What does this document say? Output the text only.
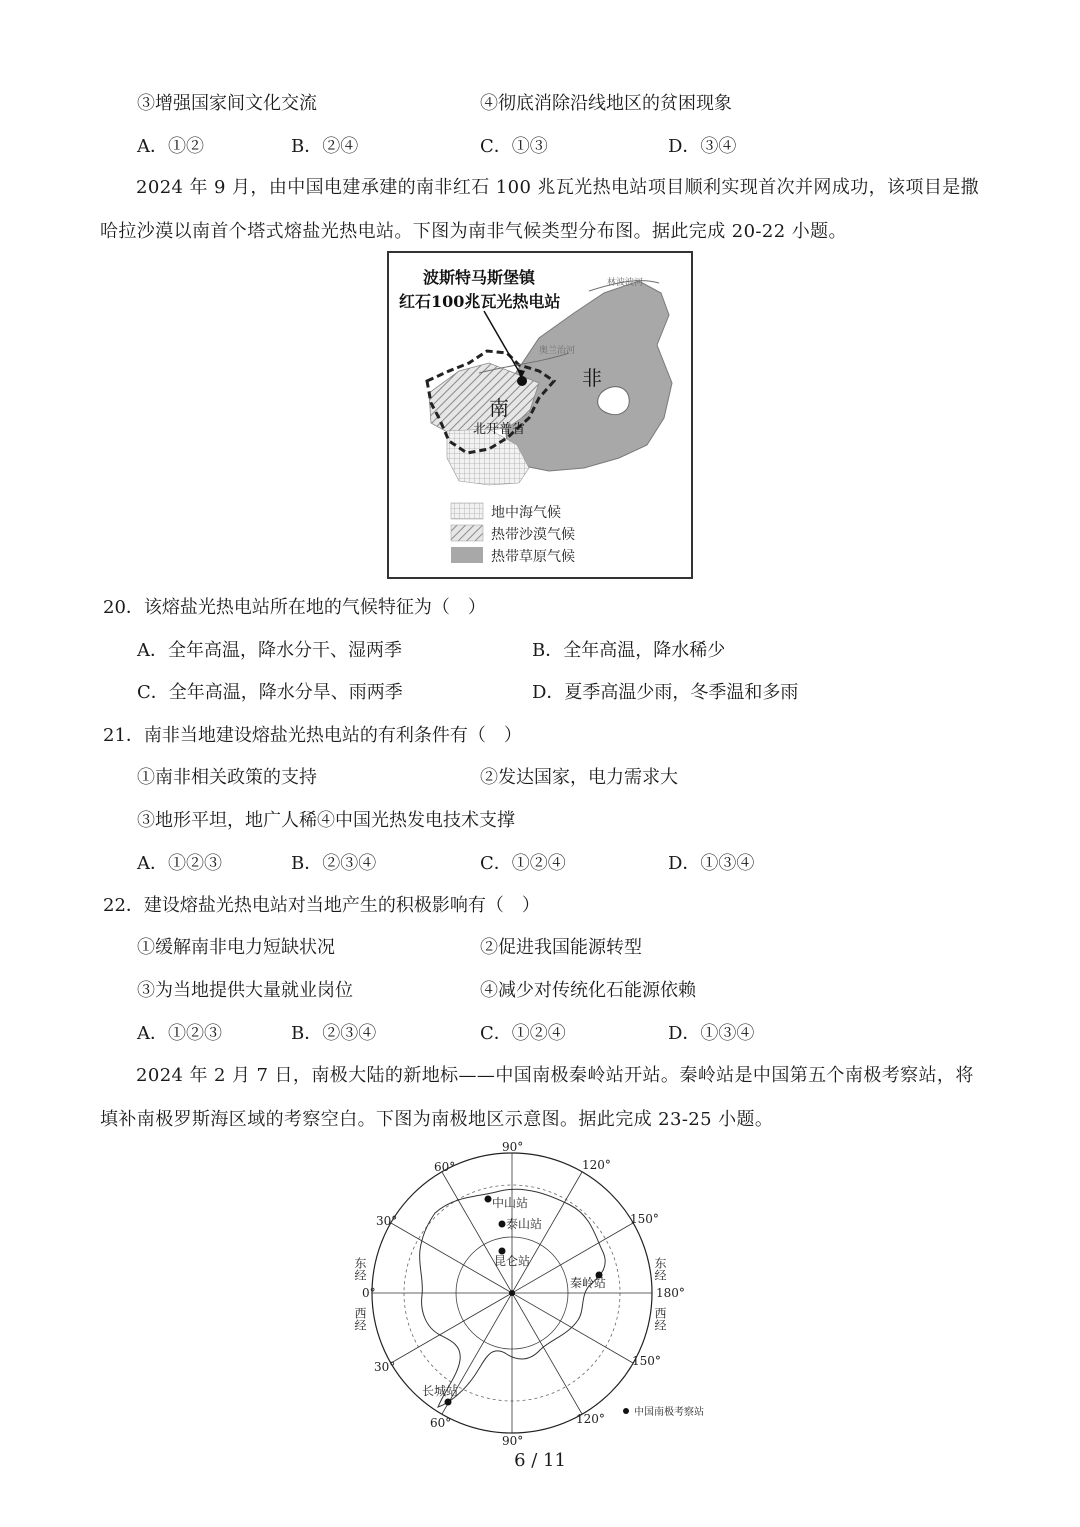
③增强国家间文化交流	④彻底消除沿线地区的贫困现象
A．①②	B．②④	C．①③	D．③④
2024 年 9 月，由中国电建承建的南非红石 100 兆瓦光热电站项目顺利实现首次并网成功，该项目是撒哈拉沙漠以南首个塔式熔盐光热电站。下图为南非气候类型分布图。据此完成 20-22 小题。
奥兰治河
林波波河
波斯特马斯堡镇
红石100兆瓦光热电站
南
非
北开普省
地中海气候
热带沙漠气候
热带草原气候
20．该熔盐光热电站所在地的气候特征为（　）
A．全年高温，降水分干、湿两季	B．全年高温，降水稀少
C．全年高温，降水分旱、雨两季	D．夏季高温少雨，冬季温和多雨
21．南非当地建设熔盐光热电站的有利条件有（　）
①南非相关政策的支持	②发达国家，电力需求大
③地形平坦，地广人稀④中国光热发电技术支撑
A．①②③	B．②③④	C．①②④	D．①③④
22．建设熔盐光热电站对当地产生的积极影响有（　）
①缓解南非电力短缺状况	②促进我国能源转型
③为当地提供大量就业岗位	④减少对传统化石能源依赖
A．①②③	B．②③④	C．①②④	D．①③④
2024 年 2 月 7 日，南极大陆的新地标——中国南极秦岭站开站。秦岭站是中国第五个南极考察站，将填补南极罗斯海区域的考察空白。下图为南极地区示意图。据此完成 23-25 小题。
中山站
泰山站
昆仑站
秦岭站
长城站
90°
120°
150°
180°
150°
120°
90°
60°
30°
0°
30°
60°
东经
西经
东经
西经
中国南极考察站
6 / 11
